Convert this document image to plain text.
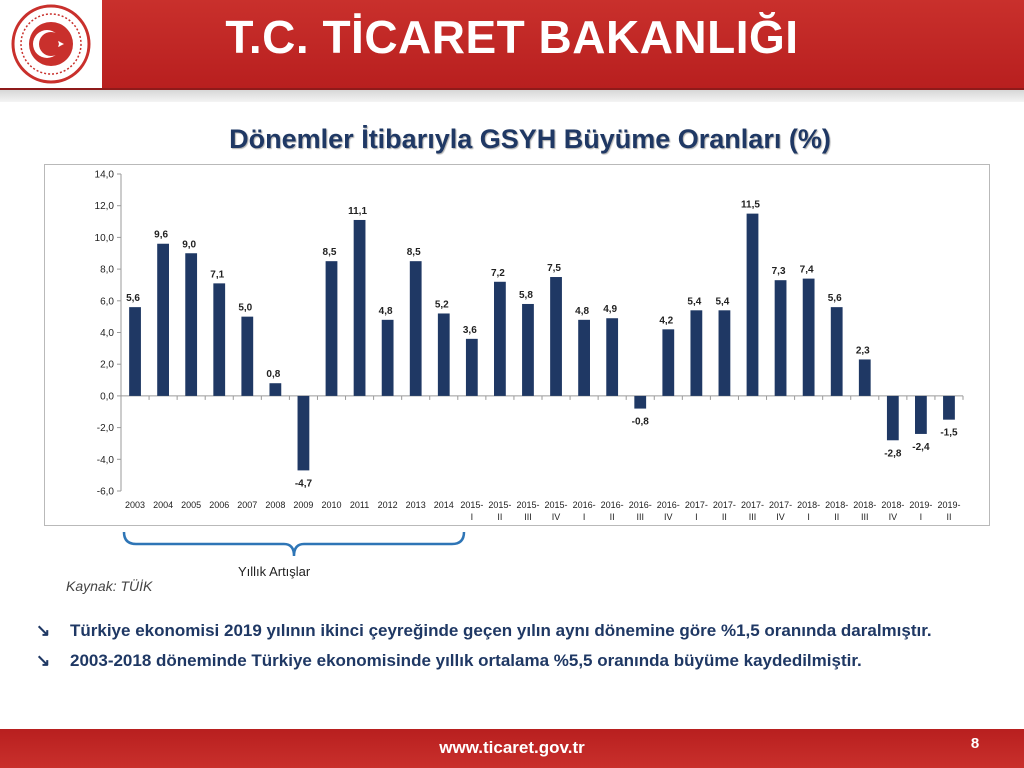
T.C. TİCARET BAKANLIĞI
Dönemler İtibarıyla GSYH Büyüme Oranları (%)
14,0
12,0
10,0
8,0
6,0
4,0
2,0
0,0
-2,0
-4,0
-6,0
5,6
2003
9,6
2004
9,0
2005
7,1
2006
5,0
2007
0,8
2008
-4,7
2009
8,5
2010
11,1
2011
4,8
2012
8,5
2013
5,2
2014
3,6
2015-
I
7,2
2015-
II
5,8
2015-
III
7,5
2015-
IV
4,8
2016-
I
4,9
2016-
II
-0,8
2016-
III
4,2
2016-
IV
5,4
2017-
I
5,4
2017-
II
11,5
2017-
III
7,3
2017-
IV
7,4
2018-
I
5,6
2018-
II
2,3
2018-
III
-2,8
2018-
IV
-2,4
2019-
I
-1,5
2019-
II
Yıllık Artışlar
Kaynak: TÜİK
↘	Türkiye ekonomisi 2019 yılının ikinci çeyreğinde geçen yılın aynı dönemine göre %1,5 oranında daralmıştır.
↘	2003-2018 döneminde Türkiye ekonomisinde yıllık ortalama %5,5 oranında büyüme kaydedilmiştir.
www.ticaret.gov.tr	8
